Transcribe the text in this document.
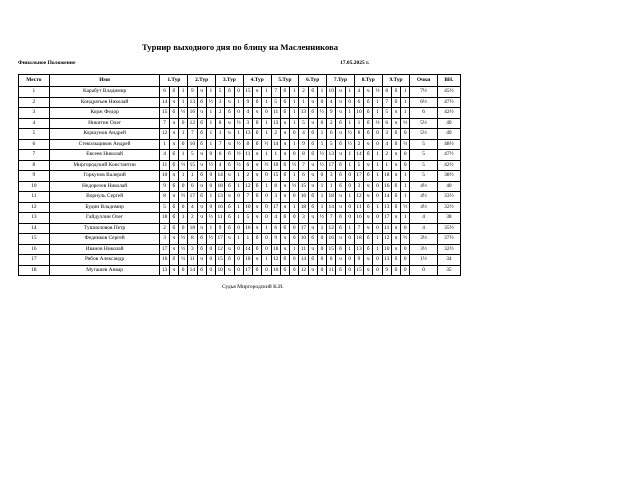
Турнир выходного дня по блицу на Масленникова
Финальное Положение	17.05.2025 г.
Место	Имя	1.Тур			2.Тур			3.Тур			4.Тур			5.Тур			6.Тур			7.Тур			8.Тур			9.Тур			Очки	ВН.
1	Карабут Владимир	6	б	1	9	ч	1	5	б	0	15	ч	1	7	б	1	2	б	1	10	ч	1	4	ч	½	8	б	1	7½	45½
2	Кондратьев Николай	14	ч	1	13	б	½	3	ч	1	9	б	1	5	б	1	1	ч	0	4	ч	0	6	б	1	7	б	1	6½	47½
3	Корж Федор	15	б	½	16	ч	1	2	б	0	4	ч	0	11	б	1	13	б	½	9	ч	1	10	б	1	5	ч	1	6	42½
4	Никитин Олег	7	ч	0	12	б	1	8	ч	½	3	б	1	13	ч	1	5	ч	0	2	б	1	1	б	½	6	ч	½	5½	49
5	Коршунов Андрей	12	ч	1	7	б	1	1	ч	1	13	б	1	2	ч	0	4	б	1	6	ч	½	8	б	0	3	б	0	5½	49
6	Стекольщиков Андрей	1	ч	0	10	б	1	7	ч	½	8	б	½	14	ч	1	9	б	1	5	б	½	2	ч	0	4	б	½	5	48½
7	Евсеев Николай	4	б	1	5	ч	0	6	б	½	11	ч	1	1	ч	0	8	б	½	13	ч	1	14	б	1	2	ч	0	5	47½
8	Миргородский Константин	11	б	½	15	ч	½	4	б	½	6	ч	½	10	б	½	7	ч	½	17	б	1	5	ч	1	1	ч	0	5	42½
9	Горкунов Валерий	10	ч	1	1	б	0	14	ч	1	2	ч	0	15	б	1	6	ч	0	3	б	0	17	б	1	18	ч	1	5	38½
10	Недорезов Николай	9	б	0	6	ч	0	18	б	1	12	б	1	8	ч	½	15	ч	1	1	б	0	3	ч	0	16	б	1	4½	40
11	Ворнуль Сергей	8	ч	½	17	б	1	13	ч	0	7	б	0	3	ч	0	16	б	1	18	ч	1	12	ч	0	14	б	1	4½	33½
12	Будин Владимир	5	б	0	4	ч	0	16	б	1	10	ч	0	17	ч	1	18	б	1	14	ч	0	11	б	1	13	б	½	4½	32½
13	Гайдуллин Олег	18	б	1	2	ч	½	11	б	1	5	ч	0	4	б	0	3	ч	½	7	б	0	16	ч	0	17	ч	1	4	38
14	Тушиоловов Петр	2	б	0	18	ч	1	9	б	0	16	ч	1	6	б	0	17	ч	1	12	б	1	7	ч	0	11	ч	0	4	35½
15	Фединков Сергей	3	ч	½	8	б	½	17	ч	1	1	б	0	9	ч	0	10	б	0	16	ч	0	18	б	1	12	ч	½	3½	37½
16	Иванов Николай	17	ч	½	3	б	0	12	ч	0	14	б	0	18	ч	1	11	ч	0	15	б	1	13	б	1	10	ч	0	3½	32½
17	Рябов Александр	16	б	½	11	ч	0	15	б	0	18	ч	1	12	б	0	14	б	0	8	ч	0	9	ч	0	13	б	0	1½	34
18	Мугашев Анвар	13	ч	0	14	б	0	10	ч	0	17	б	0	16	б	0	12	ч	0	11	б	0	15	ч	0	9	б	0	0	35
Судья Миргородский К.И.
